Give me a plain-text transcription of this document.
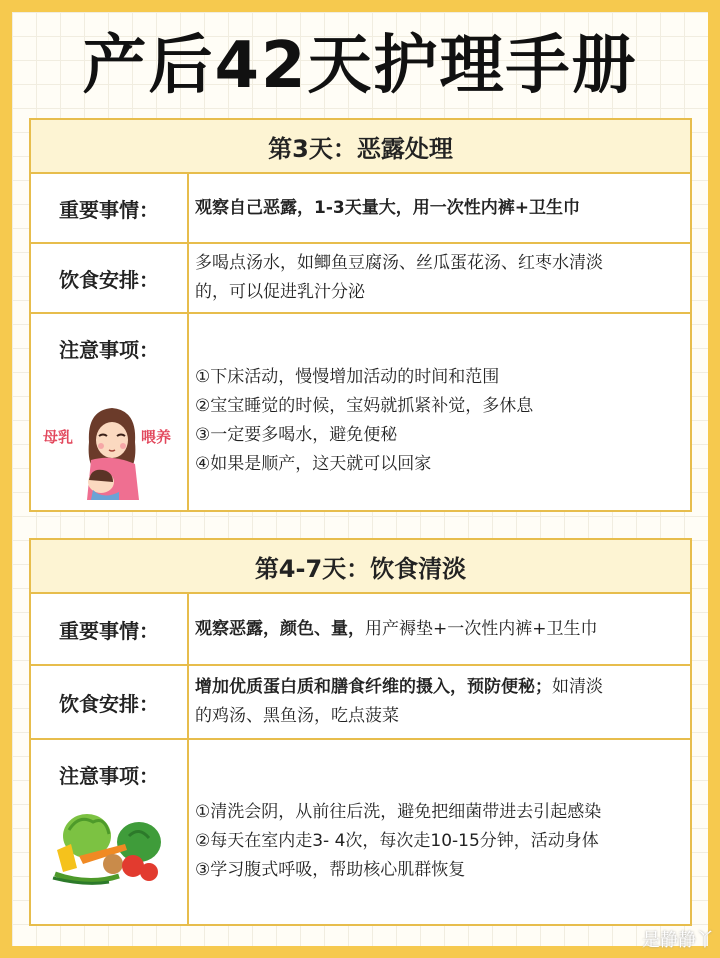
产后42天护理手册
第3天：恶露处理
重要事情：	观察自己恶露，1-3天量大，用一次性内裤+卫生巾
饮食安排：
多喝点汤水，如鲫鱼豆腐汤、丝瓜蛋花汤、红枣水清淡
的，可以促进乳汁分泌
注意事项：
母乳	喂养
①下床活动，慢慢增加活动的时间和范围
②宝宝睡觉的时候，宝妈就抓紧补觉，多休息
③一定要多喝水，避免便秘
④如果是顺产，这天就可以回家
第4-7天：饮食清淡
重要事情：	观察恶露，颜色、量，用产褥垫+一次性内裤+卫生巾
饮食安排：
增加优质蛋白质和膳食纤维的摄入，预防便秘；如清淡
的鸡汤、黑鱼汤，吃点菠菜
注意事项：
①清洗会阴，从前往后洗，避免把细菌带进去引起感染
②每天在室内走3- 4次，每次走10-15分钟，活动身体
③学习腹式呼吸，帮助核心肌群恢复
是静静丫
